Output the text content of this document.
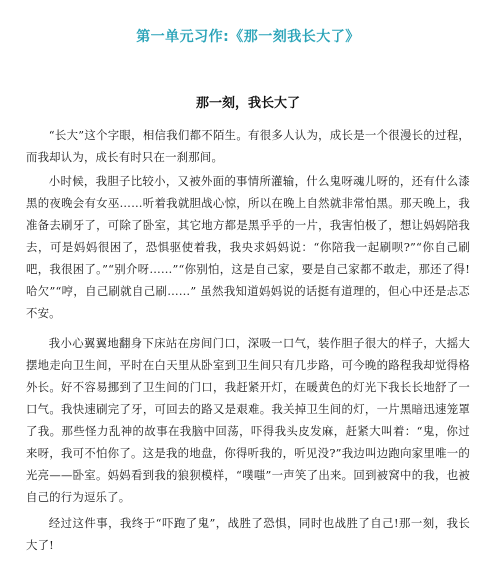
第一单元习作:《那一刻我长大了》
那一刻，我长大了

“长大”这个字眼，相信我们都不陌生。有很多人认为，成长是一个很漫长的过程，而我却认为，成长有时只在一刹那间。

小时候，我胆子比较小，又被外面的事情所灌输，什么鬼呀魂儿呀的，还有什么漆黑的夜晚会有女巫……听着我就胆战心惊，所以在晚上自然就非常怕黑。那天晚上，我准备去刷牙了，可除了卧室，其它地方都是黑乎乎的一片，我害怕极了，想让妈妈陪我去，可是妈妈很困了，恐惧驱使着我，我央求妈妈说：“你陪我一起刷呗?”“你自己刷吧，我很困了。”“别介呀……”“你别怕，这是自己家，要是自己家都不敢走，那还了得!哈欠”“哼，自己刷就自己刷……” 虽然我知道妈妈说的话挺有道理的，但心中还是忐忑不安。

我小心翼翼地翻身下床站在房间门口，深吸一口气，装作胆子很大的样子，大摇大摆地走向卫生间，平时在白天里从卧室到卫生间只有几步路，可今晚的路程我却觉得格外长。好不容易挪到了卫生间的门口，我赶紧开灯，在暖黄色的灯光下我长长地舒了一口气。我快速刷完了牙，可回去的路又是艰难。我关掉卫生间的灯，一片黑暗迅速笼罩了我。那些怪力乱神的故事在我脑中回荡，吓得我头皮发麻，赶紧大叫着：“鬼，你过来呀，我可不怕你了。这是我的地盘，你得听我的，听见没?”我边叫边跑向家里唯一的光亮——卧室。妈妈看到我的狼狈模样，“噗嗤”一声笑了出来。回到被窝中的我，也被自己的行为逗乐了。

经过这件事，我终于“吓跑了鬼”，战胜了恐惧，同时也战胜了自己!那一刻，我长大了!
